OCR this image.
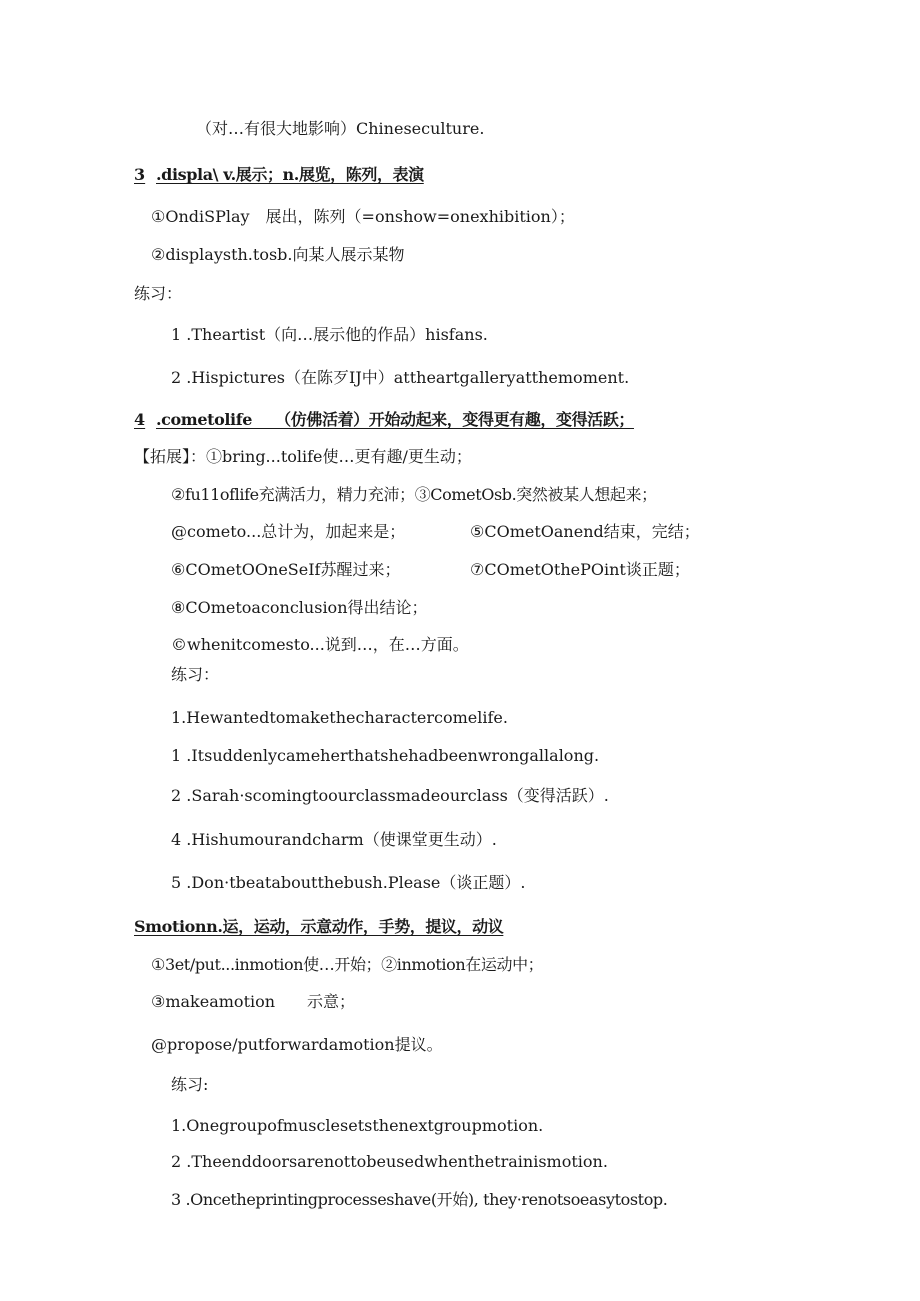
（对…有很大地影响）Chineseculture.
3 .displa\ v.展示；n.展览，陈列，表演
①OndiSPlay　展出，陈列（=onshow=onexhibition）；
②displaysth.tosb.向某人展示某物
练习：
1 .Theartist（向…展示他的作品）hisfans.
2 .Hispictures（在陈歹IJ中）attheartgalleryatthemoment.
4 .cometolife　　（仿佛活着）开始动起来，变得更有趣，变得活跃；
【拓展】：①bring...tolife使…更有趣/更生动；
②fu11oflife充满活力，精力充沛；③CometOsb.突然被某人想起来；
@cometo...总计为，加起来是；	⑤COmetOanend结束，完结；
⑥COmetOOneSeIf苏醒过来；	⑦COmetOthePOint谈正题；
⑧COmetoaconclusion得出结论；
©whenitcomesto...说到…，在…方面。
练习：
1.Hewantedtomakethecharactercomelife.
1 .Itsuddenlycameherthatshehadbeenwrongallalong.
2 .Sarah·scomingtoourclassmadeourclass（变得活跃）.
4 .Hishumourandcharm（使课堂更生动）.
5 .Don·tbeataboutthebush.Please（谈正题）.
Smotionn.运，运动，示意动作，手势，提议，动议
①3et/put...inmotion使…开始；②inmotion在运动中；
③makeamotion　　示意；
@propose/putforwardamotion提议。
练习:
1.Onegroupofmusclesetsthenextgroupmotion.
2 .Theenddoorsarenottobeusedwhenthetrainismotion.
3 .Oncetheprintingprocesseshave(开始), they·renotsoeasytostop.
